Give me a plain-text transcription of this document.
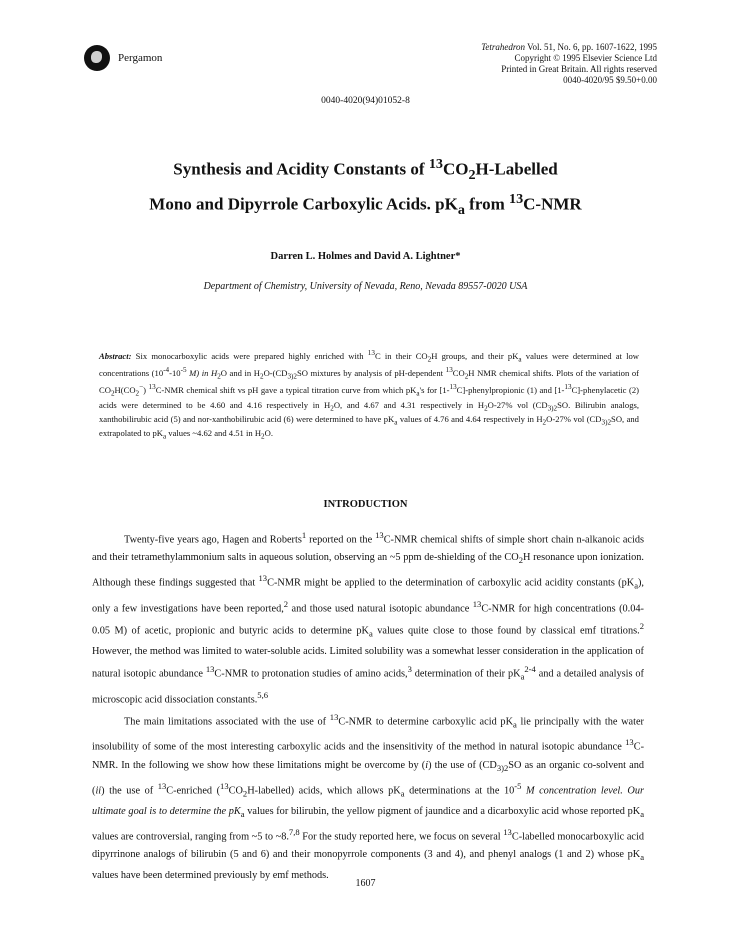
Pergamon
Tetrahedron Vol. 51, No. 6, pp. 1607-1622, 1995
Copyright © 1995 Elsevier Science Ltd
Printed in Great Britain. All rights reserved
0040-4020/95 $9.50+0.00
0040-4020(94)01052-8
Synthesis and Acidity Constants of $^{13}CO_2H$-Labelled
Mono and Dipyrrole Carboxylic Acids. $pK_a$ from $^{13}$C-NMR
Darren L. Holmes and David A. Lightner*
Department of Chemistry, University of Nevada, Reno, Nevada 89557-0020 USA
Abstract: Six monocarboxylic acids were prepared highly enriched with $^{13}$C in their $CO_2H$ groups, and their $pK_a$ values were determined at low concentrations ($10^{-4}-10^{-5}$ M) in $H_2O$ and in $H_2O-(CD_{3)2}SO$ mixtures by analysis of pH-dependent $^{13}CO_2H$ NMR chemical shifts. Plots of the variation of $CO_2H(CO_2^-)$ $^{13}$C-NMR chemical shift vs pH gave a typical titration curve from which $pK_a's$ for [1-$^{13}$C]-phenylpropionic (1) and [1-$^{13}$C]-phenylacetic (2) acids were determined to be 4.60 and 4.16 respectively in $H_2O$, and 4.67 and 4.31 respectively in $H_2O-27\%$ vol ($CD_{3)2}SO$. Bilirubin analogs, xanthobilirubic acid (5) and nor-xanthobilirubic acid (6) were determined to have $pK_a$ values of 4.76 and 4.64 respectively in $H_2O-27\%$ vol ($CD_{3)2}SO$, and extrapolated to $pK_a$ values ~4.62 and 4.51 in $H_2O$.
INTRODUCTION

Twenty-five years ago, Hagen and Roberts$^1$ reported on the $^{13}$C-NMR chemical shifts of simple short chain n-alkanoic acids and their tetramethylammonium salts in aqueous solution, observing an ~5 ppm de-shielding of the $CO_2H$ resonance upon ionization. Although these findings suggested that $^{13}$C-NMR might be applied to the determination of carboxylic acid acidity constants $(pK_a)$, only a few investigations have been reported,$^2$ and those used natural isotopic abundance $^{13}$C-NMR for high concentrations (0.04-0.05 M) of acetic, propionic and butyric acids to determine $pK_a$ values quite close to those found by classical emf titrations.$^2$ However, the method was limited to water-soluble acids. Limited solubility was a somewhat lesser consideration in the application of natural isotopic abundance $^{13}$C-NMR to protonation studies of amino acids,$^3$ determination of their $pK_a^{2-4}$ and a detailed analysis of microscopic acid dissociation constants.$^{5,6}$

The main limitations associated with the use of $^{13}$C-NMR to determine carboxylic acid $pK_a$ lie principally with the water insolubility of some of the most interesting carboxylic acids and the insensitivity of the method in natural isotopic abundance $^{13}$C-NMR. In the following we show how these limitations might be overcome by (i) the use of ($CD_{3)2}SO$ as an organic co-solvent and (ii) the use of $^{13}$C-enriched $(^{13}CO_2H-labelled)$ acids, which allows $pK_a$ determinations at the $10^{-5}$ M concentration level. Our ultimate goal is to determine the $pK_a$ values for bilirubin, the yellow pigment of jaundice and a dicarboxylic acid whose reported $pK_a$ values are controversial, ranging from ~5 to ~8.$^{7,8}$ For the study reported here, we focus on several $^{13}$C-labelled monocarboxylic acid dipyrrinone analogs of bilirubin (5 and 6) and their monopyrrole components (3 and 4), and phenyl analogs (1 and 2) whose $pK_a$ values have been determined previously by emf methods.

1607
